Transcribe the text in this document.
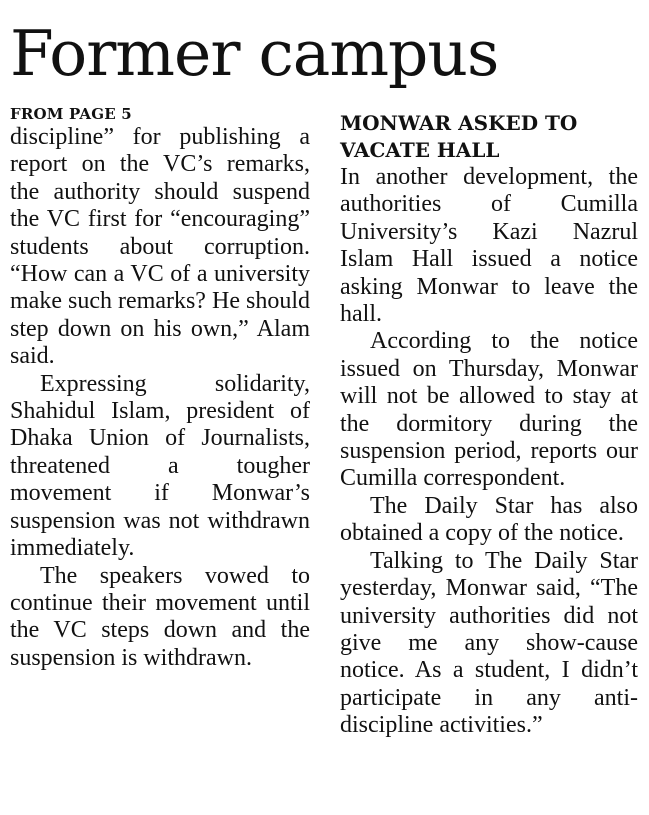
Former campus
FROM PAGE 5

discipline” for publishing a report on the VC’s remarks, the authority should suspend the VC first for “encouraging” students about corruption. “How can a VC of a university make such remarks? He should step down on his own,” Alam said.

Expressing solidarity, Shahidul Islam, president of Dhaka Union of Journalists, threatened a tougher movement if Monwar’s suspension was not withdrawn immediately.

The speakers vowed to continue their movement until the VC steps down and the suspension is withdrawn.

MONWAR ASKED TO VACATE HALL

In another development, the authorities of Cumilla University’s Kazi Nazrul Islam Hall issued a notice asking Monwar to leave the hall.

According to the notice issued on Thursday, Monwar will not be allowed to stay at the dormitory during the suspension period, reports our Cumilla correspondent.

The Daily Star has also obtained a copy of the notice.

Talking to The Daily Star yesterday, Monwar said, “The university authorities did not give me any show-cause notice. As a student, I didn’t participate in any anti-discipline activities.”
